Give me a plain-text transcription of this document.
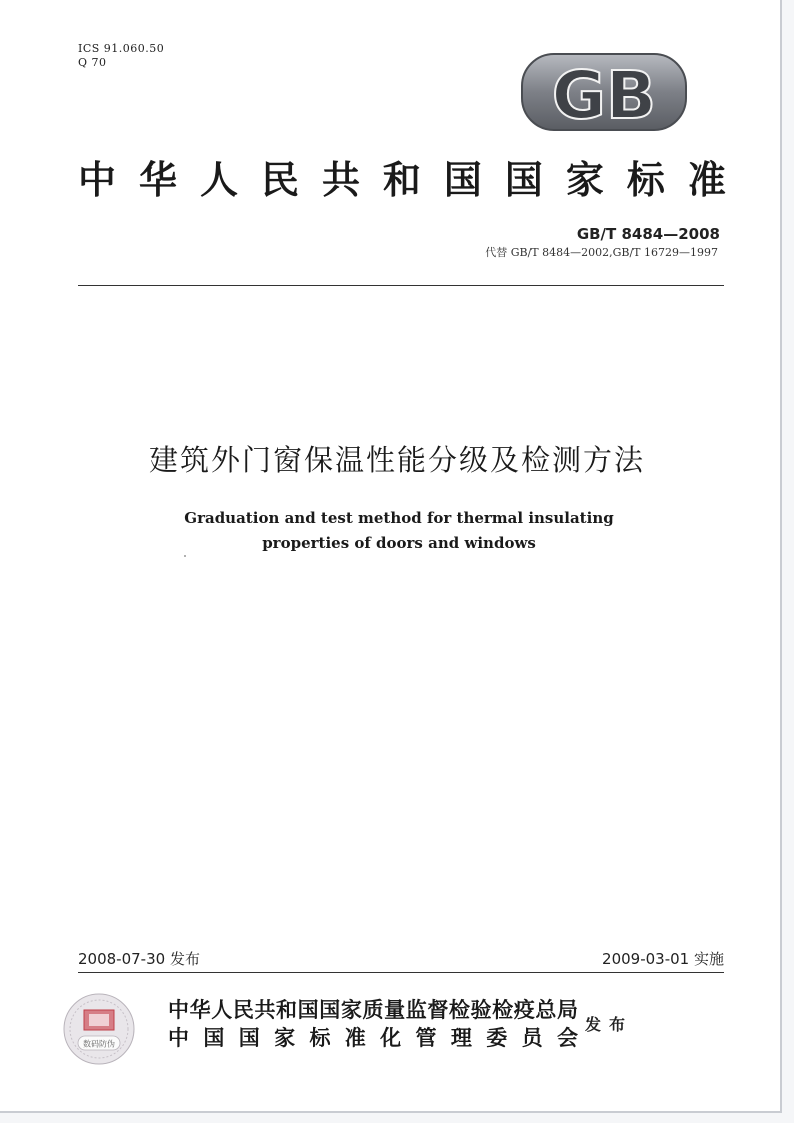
ICS 91.060.50
Q 70	GB
中 华 人 民 共 和 国 国 家 标 准
GB/T 8484—2008
代替 GB/T 8484—2002,GB/T 16729—1997
建筑外门窗保温性能分级及检测方法
Graduation and test method for thermal insulating
properties of doors and windows
2008-07-30 发布	2009-03-01 实施
数码防伪
中 华 人 民 共 和 国 国 家 质 量 监 督 检 验 检 疫 总 局
中 国 国 家 标 准 化 管 理 委 员 会
发布
